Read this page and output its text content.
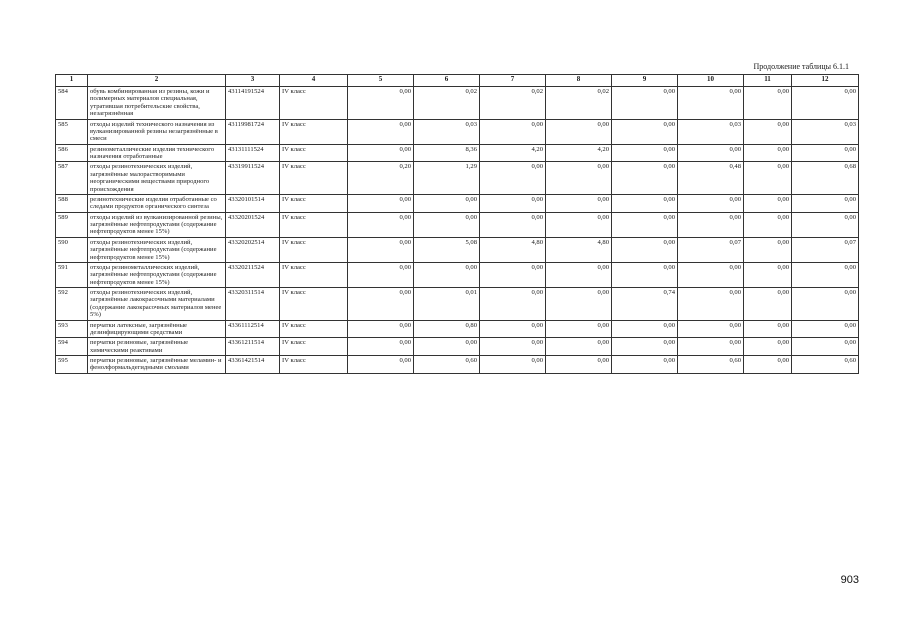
Продолжение таблицы 6.1.1
1	2	3	4	5	6	7	8	9	10	11	12
584	обувь комбинированная из резины, кожи и полимерных материалов специальная, утратившая потребительские свойства, незагрязнённая	43114191524	IV класс	0,00	0,02	0,02	0,02	0,00	0,00	0,00	0,00
585	отходы изделий технического назначения из вулканизированной резины незагрязнённые в смеси	43119981724	IV класс	0,00	0,03	0,00	0,00	0,00	0,03	0,00	0,03
586	резинометаллические изделия технического назначения отработанные	43131111524	IV класс	0,00	8,36	4,20	4,20	0,00	0,00	0,00	0,00
587	отходы резинотехнических изделий, загрязнённые малорастворимыми неорганическими веществами природного происхождения	43319911524	IV класс	0,20	1,29	0,00	0,00	0,00	0,48	0,00	0,68
588	резинотехнические изделия отработанные со следами продуктов органического синтеза	43320101514	IV класс	0,00	0,00	0,00	0,00	0,00	0,00	0,00	0,00
589	отходы изделий из вулканизированной резины, загрязнённые нефтепродуктами (содержание нефтепродуктов менее 15%)	43320201524	IV класс	0,00	0,00	0,00	0,00	0,00	0,00	0,00	0,00
590	отходы резинотехнических изделий, загрязнённые нефтепродуктами (содержание нефтепродуктов менее 15%)	43320202514	IV класс	0,00	5,08	4,80	4,80	0,00	0,07	0,00	0,07
591	отходы резинометаллических изделий, загрязнённые нефтепродуктами (содержание нефтепродуктов менее 15%)	43320211524	IV класс	0,00	0,00	0,00	0,00	0,00	0,00	0,00	0,00
592	отходы резинотехнических изделий, загрязнённые лакокрасочными материалами (содержание лакокрасочных материалов менее 5%)	43320311514	IV класс	0,00	0,01	0,00	0,00	0,74	0,00	0,00	0,00
593	перчатки латексные, загрязнённые дезинфицирующими средствами	43361112514	IV класс	0,00	0,80	0,00	0,00	0,00	0,00	0,00	0,00
594	перчатки резиновые, загрязнённые химическими реактивами	43361211514	IV класс	0,00	0,00	0,00	0,00	0,00	0,00	0,00	0,00
595	перчатки резиновые, загрязнённые меламин- и фенолформальдегидными смолами	43361421514	IV класс	0,00	0,60	0,00	0,00	0,00	0,60	0,00	0,60
903
